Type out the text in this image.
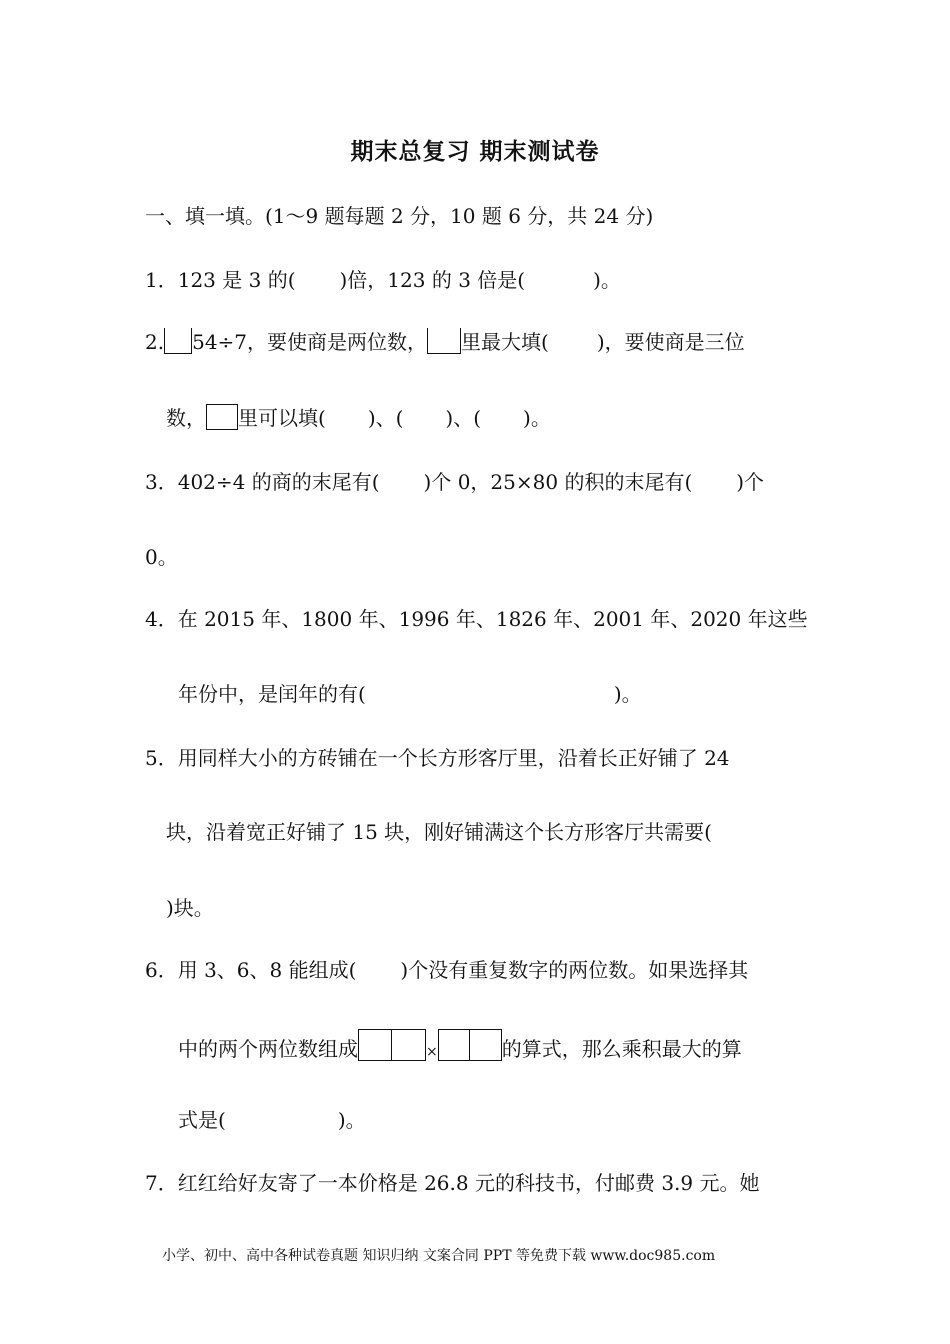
期末总复习 期末测试卷
一、填一填。(1～9 题每题 2 分，10 题 6 分，共 24 分)
1．123 是 3 的( )倍，123 的 3 倍是(	)。
2. 54÷7，要使商是两位数， 里最大填( )，要使商是三位
数， 里可以填( )、( )、( )。
3．402÷4 的商的末尾有( )个 0，25×80 的积的末尾有( )个
0。
4．在 2015 年、1800 年、1996 年、1826 年、2001 年、2020 年这些
年份中，是闰年的有(	)。
5．用同样大小的方砖铺在一个长方形客厅里，沿着长正好铺了 24
块，沿着宽正好铺了 15 块，刚好铺满这个长方形客厅共需要(
)块。
6．用 3、6、8 能组成( )个没有重复数字的两位数。如果选择其
中的两个两位数组成	×	的算式，那么乘积最大的算
式是(	)。
7．红红给好友寄了一本价格是 26.8 元的科技书，付邮费 3.9 元。她
小学、初中、高中各种试卷真题 知识归纳 文案合同 PPT 等免费下载 www.doc985.com
